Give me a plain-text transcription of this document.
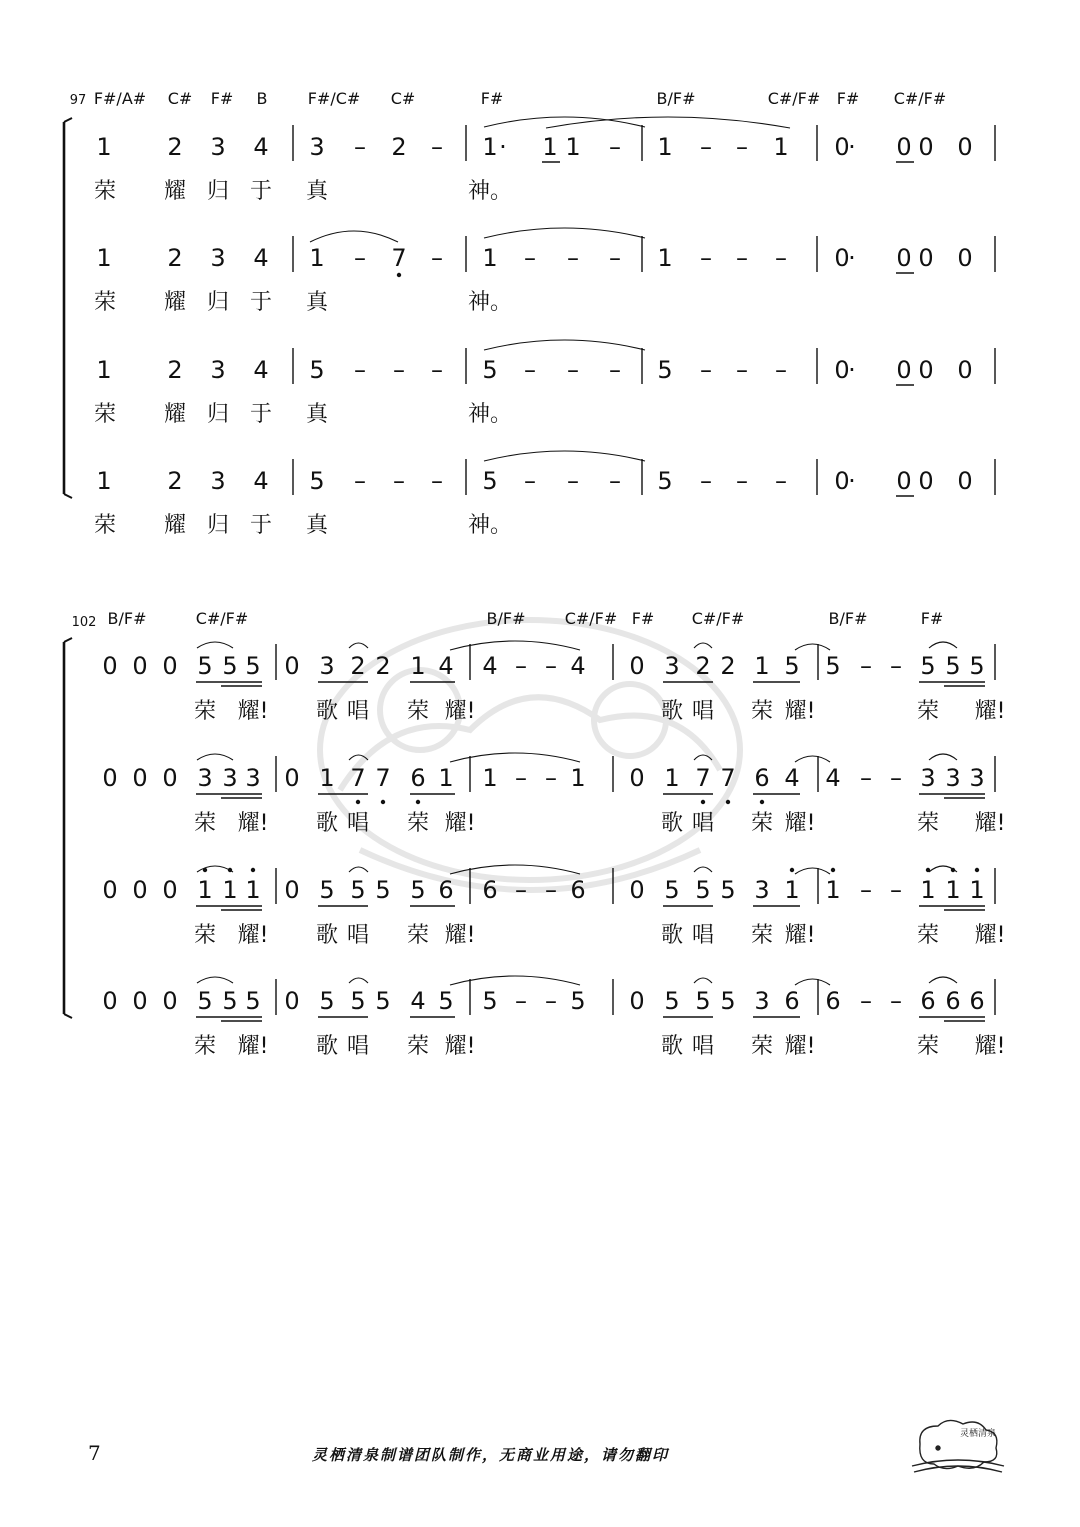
97 F#/A# C# F# B	F#/C# C#	F#	B/F#	C#/F# F# C#/F#
1 2 3 4 3 – 2 – 1 · 1 1 – 1 – – 1 0
· 0 0 0
荣 耀 归 于 真	神。
1 2 3 4 1 – 7 – 1 – – – 1 – – – 0
· 0 0 0
荣 耀 归 于 真	神。
1 2 3 4 5 – – – 5 – – – 5 – – – 0
· 0 0 0
荣 耀 归 于 真	神。
1 2 3 4 5 – – – 5 – – – 5 – – – 0
· 0 0 0
荣 耀 归 于 真	神。
102 B/F#	C#/F#	B/F# C#/F# F# C#/F#	B/F#	F#
0 0 0 5 5 5 0 3 2 2 1 4 4 – – 4 0 3 2 2 1 5 5 – – 5 5 5
荣 耀! 歌 唱 荣 耀!	歌 唱 荣 耀!	荣 耀!
0 0 0 3 3 3 0 1 7 7 6 1 1 – – 1 0 1 7 7 6 4 4 – – 3 3 3
荣 耀! 歌 唱 荣 耀!	歌 唱 荣 耀!	荣 耀!
0 0 0 1 1 1 0 5 5 5 5 6 6 – – 6 0 5 5 5 3 1 1 – – 1 1 1
荣 耀! 歌 唱 荣 耀!	歌 唱 荣 耀!	荣 耀!
0 0 0 5 5 5 0 5 5 5 4 5 5 – – 5 0 5 5 5 3 6 6 – – 6 6 6
荣 耀! 歌 唱 荣 耀!	歌 唱 荣 耀!	荣 耀!
7	灵栖清泉制谱团队制作，无商业用途，请勿翻印
灵栖清泉
